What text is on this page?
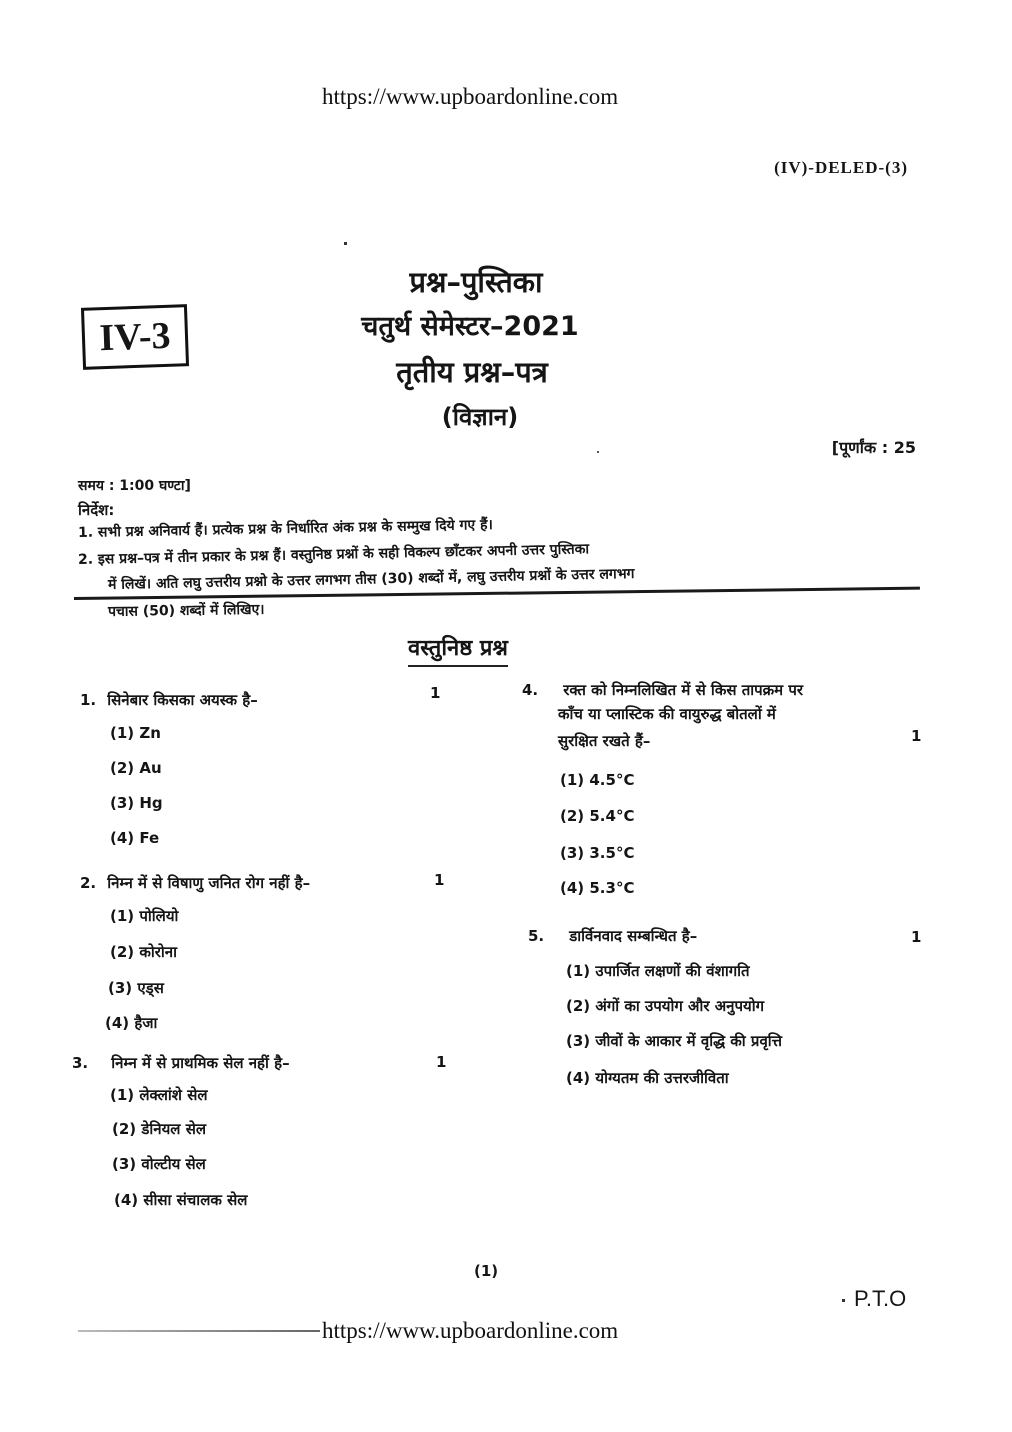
https://www.upboardonline.com
(IV)-DELED-(3)
IV-3
प्रश्न–पुस्तिका
चतुर्थ सेमेस्टर–2021
तृतीय प्रश्न–पत्र
(विज्ञान)
[पूर्णांक : 25
समय : 1:00 घण्टा]
निर्देश:
1. सभी प्रश्न अनिवार्य हैं। प्रत्येक प्रश्न के निर्धारित अंक प्रश्न के सम्मुख दिये गए हैं।
2. इस प्रश्न–पत्र में तीन प्रकार के प्रश्न हैं। वस्तुनिष्ठ प्रश्नों के सही विकल्प छाँटकर अपनी उत्तर पुस्तिका
में लिखें। अति लघु उत्तरीय प्रश्नो के उत्तर लगभग तीस (30) शब्दों में, लघु उत्तरीय प्रश्नों के उत्तर लगभग
पचास (50) शब्दों में लिखिए।
वस्तुनिष्ठ प्रश्न
1. सिनेबार किसका अयस्क है–	1
(1) Zn
(2) Au
(3) Hg
(4) Fe
2. निम्न में से विषाणु जनित रोग नहीं है–	1
(1) पोलियो
(2) कोरोना
(3) एड्स
(4) हैजा
3. निम्न में से प्राथमिक सेल नहीं है–	1
(1) लेक्लांशे सेल
(2) डेनियल सेल
(3) वोल्टीय सेल
(4) सीसा संचालक सेल
4. रक्त को निम्नलिखित में से किस तापक्रम पर
काँच या प्लास्टिक की वायुरुद्ध बोतलों में
सुरक्षित रखते हैं–	1
(1) 4.5°C
(2) 5.4°C
(3) 3.5°C
(4) 5.3°C
5. डार्विनवाद सम्बन्धित है–	1
(1) उपार्जित लक्षणों की वंशागति
(2) अंगों का उपयोग और अनुपयोग
(3) जीवों के आकार में वृद्धि की प्रवृत्ति
(4) योग्यतम की उत्तरजीविता
(1)
P.T.O
https://www.upboardonline.com
